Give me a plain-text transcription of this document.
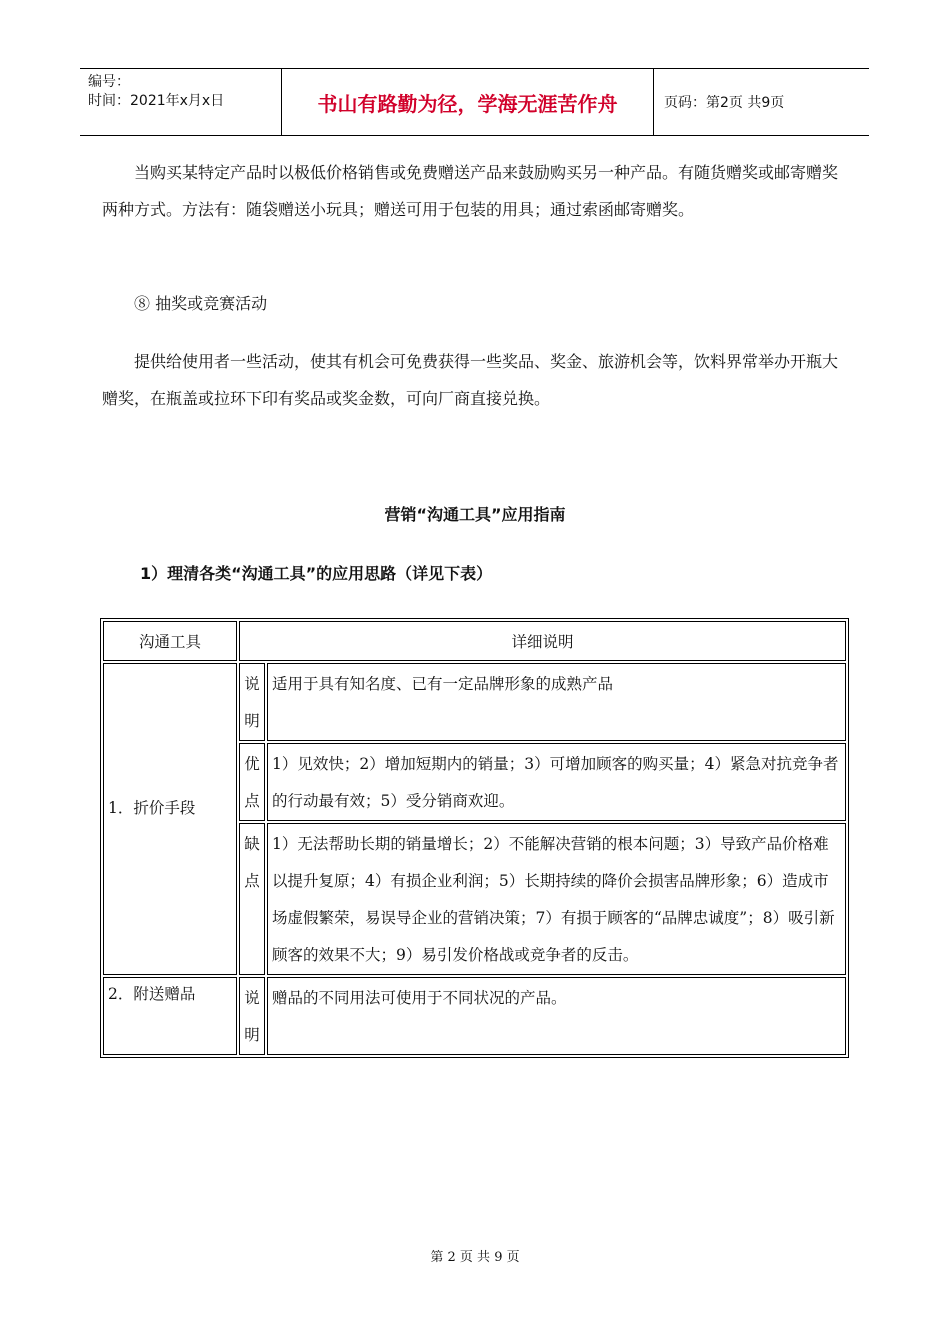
编号：
时间：2021年x月x日	书山有路勤为径，学海无涯苦作舟	页码：第2页 共9页

当购买某特定产品时以极低价格销售或免费赠送产品来鼓励购买另一种产品。有随货赠奖或邮寄赠奖两种方式。方法有：随袋赠送小玩具；赠送可用于包装的用具；通过索函邮寄赠奖。

⑧ 抽奖或竞赛活动

提供给使用者一些活动，使其有机会可免费获得一些奖品、奖金、旅游机会等，饮料界常举办开瓶大赠奖，在瓶盖或拉环下印有奖品或奖金数，可向厂商直接兑换。

营销“沟通工具”应用指南
1）理清各类“沟通工具”的应用思路（详见下表）
沟通工具	详细说明	
1．折价手段	说明	适用于具有知名度、已有一定品牌形象的成熟产品
	优点	1）见效快；2）增加短期内的销量；3）可增加顾客的购买量；4）紧急对抗竞争者的行动最有效；5）受分销商欢迎。
	缺点	1）无法帮助长期的销量增长；2）不能解决营销的根本问题；3）导致产品价格难以提升复原；4）有损企业利润；5）长期持续的降价会损害品牌形象；6）造成市场虚假繁荣，易误导企业的营销决策；7）有损于顾客的“品牌忠诚度”；8）吸引新顾客的效果不大；9）易引发价格战或竞争者的反击。
2．附送赠品	说明	赠品的不同用法可使用于不同状况的产品。
第 2 页 共 9 页
